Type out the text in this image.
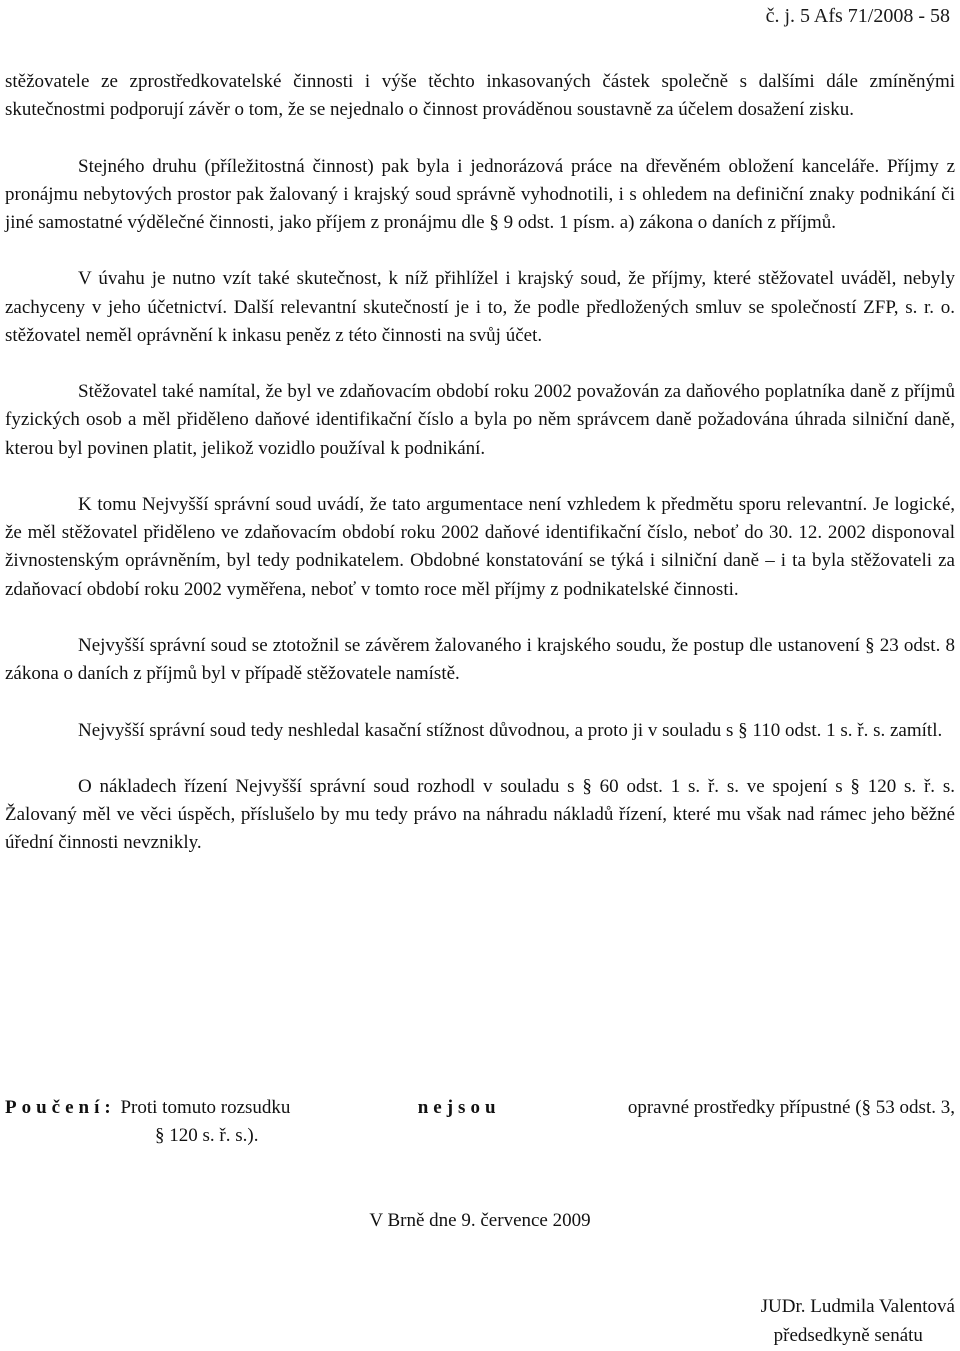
č. j. 5 Afs 71/2008 - 58

stěžovatele ze zprostředkovatelské činnosti i výše těchto inkasovaných částek společně s dalšími dále zmíněnými skutečnostmi podporují závěr o tom, že se nejednalo o činnost prováděnou soustavně za účelem dosažení zisku.

Stejného druhu (příležitostná činnost) pak byla i jednorázová práce na dřevěném obložení kanceláře. Příjmy z pronájmu nebytových prostor pak žalovaný i krajský soud správně vyhodnotili, i s ohledem na definiční znaky podnikání či jiné samostatné výdělečné činnosti, jako příjem z pronájmu dle § 9 odst. 1 písm. a) zákona o daních z příjmů.

V úvahu je nutno vzít také skutečnost, k níž přihlížel i krajský soud, že příjmy, které stěžovatel uváděl, nebyly zachyceny v jeho účetnictví. Další relevantní skutečností je i to, že podle předložených smluv se společností ZFP, s. r. o. stěžovatel neměl oprávnění k inkasu peněz z této činnosti na svůj účet.

Stěžovatel také namítal, že byl ve zdaňovacím období roku 2002 považován za daňového poplatníka daně z příjmů fyzických osob a měl přiděleno daňové identifikační číslo a byla po něm správcem daně požadována úhrada silniční daně, kterou byl povinen platit, jelikož vozidlo používal k podnikání.

K tomu Nejvyšší správní soud uvádí, že tato argumentace není vzhledem k předmětu sporu relevantní. Je logické, že měl stěžovatel přiděleno ve zdaňovacím období roku 2002 daňové identifikační číslo, neboť do 30. 12. 2002 disponoval živnostenským oprávněním, byl tedy podnikatelem. Obdobné konstatování se týká i silniční daně – i ta byla stěžovateli za zdaňovací období roku 2002 vyměřena, neboť v tomto roce měl příjmy z podnikatelské činnosti.

Nejvyšší správní soud se ztotožnil se závěrem žalovaného i krajského soudu, že postup dle ustanovení § 23 odst. 8 zákona o daních z příjmů byl v případě stěžovatele namístě.

Nejvyšší správní soud tedy neshledal kasační stížnost důvodnou, a proto ji v souladu s § 110 odst. 1 s. ř. s. zamítl.

O nákladech řízení Nejvyšší správní soud rozhodl v souladu s § 60 odst. 1 s. ř. s. ve spojení s § 120 s. ř. s. Žalovaný měl ve věci úspěch, příslušelo by mu tedy právo na náhradu nákladů řízení, které mu však nad rámec jeho běžné úřední činnosti nevznikly.

Poučení: Proti tomuto rozsudku	nejsou	opravné prostředky přípustné (§ 53 odst. 3,
§ 120 s. ř. s.).
V Brně dne 9. července 2009
JUDr. Ludmila Valentová
předsedkyně senátu
